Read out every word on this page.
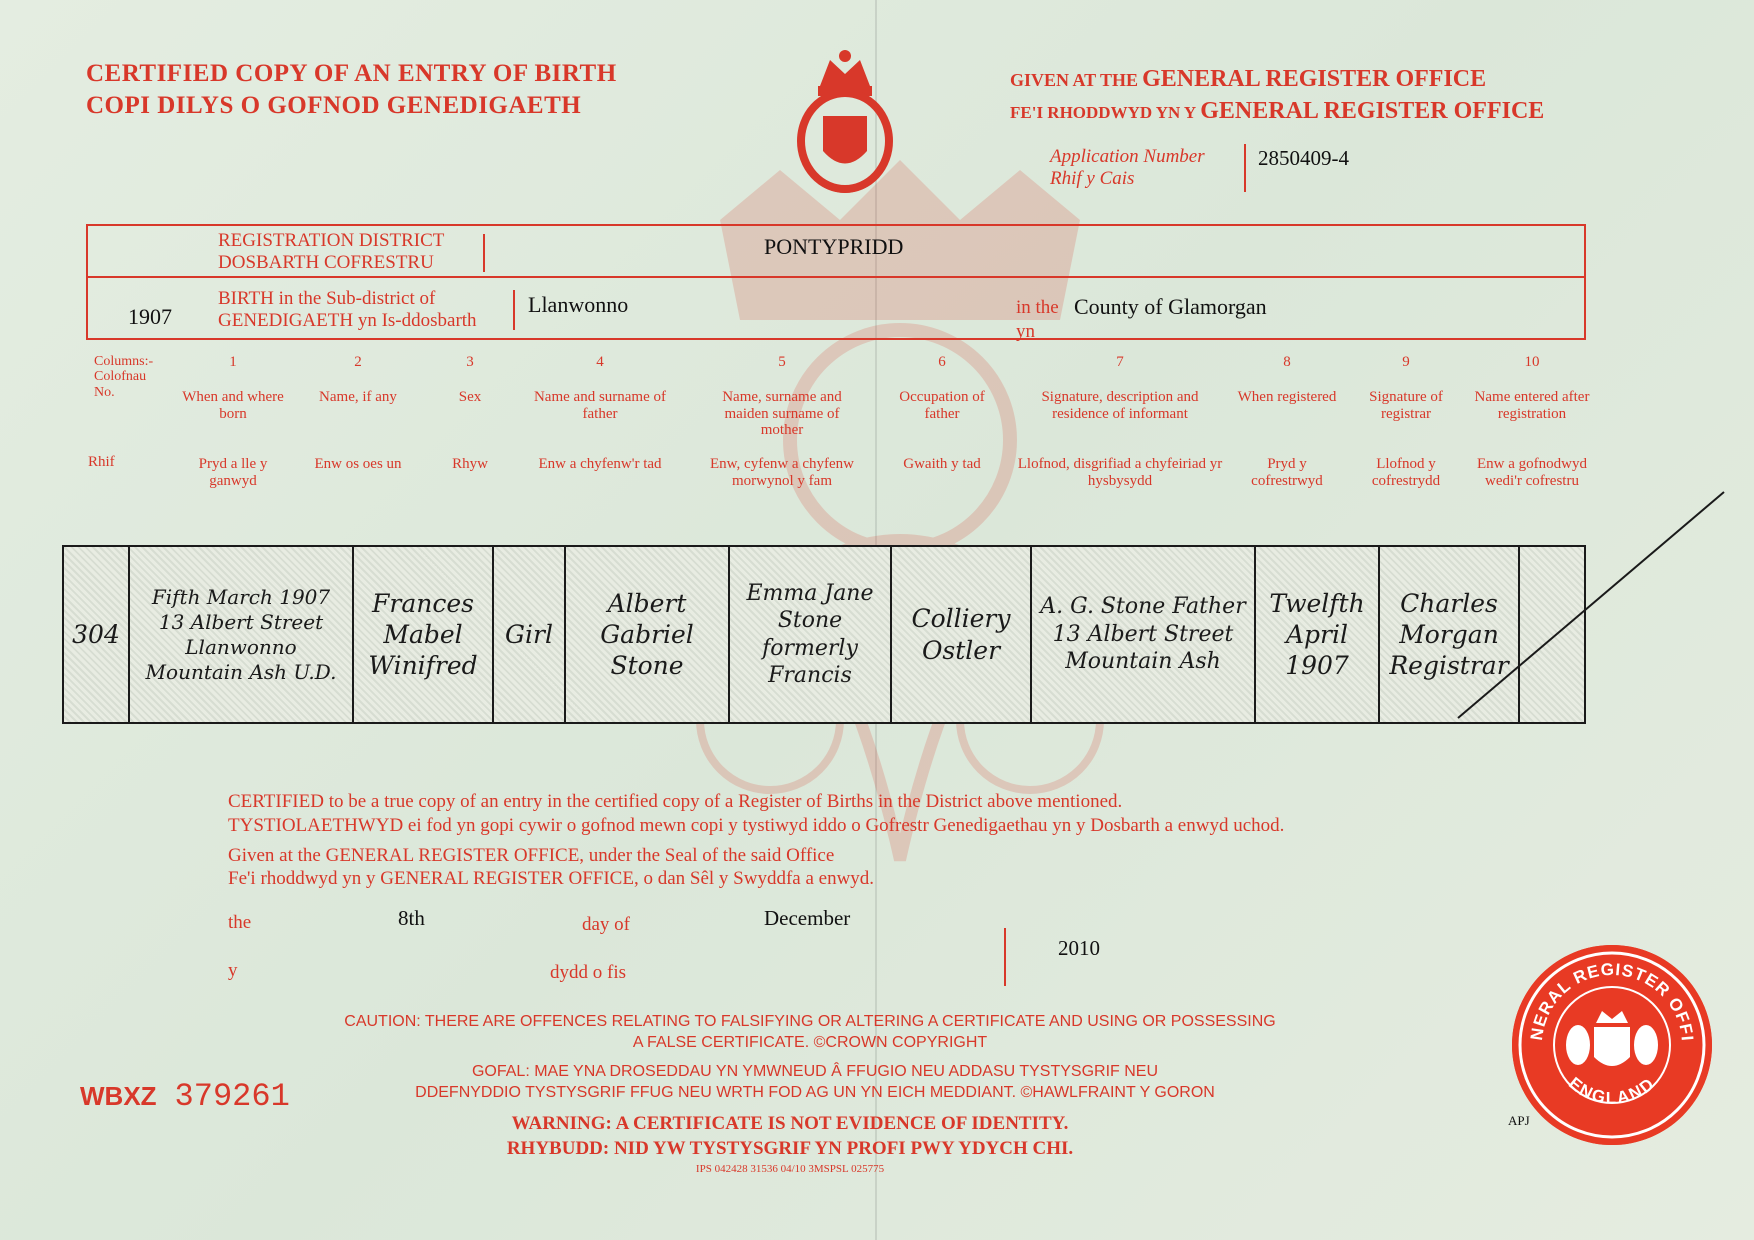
CERTIFIED COPY OF AN ENTRY OF BIRTH
COPI DILYS O GOFNOD GENEDIGAETH
GIVEN AT THE GENERAL REGISTER OFFICE
FE'I RHODDWYD YN Y GENERAL REGISTER OFFICE
Application Number
Rhif y Cais
2850409-4
REGISTRATION DISTRICT
DOSBARTH COFRESTRU
PONTYPRIDD
1907
BIRTH in the Sub-district of
GENEDIGAETH yn Is-ddosbarth
Llanwonno	in the
yn
County of Glamorgan
Columns:-
Colofnau
No.
Rhif
1
When and where born
Pryd a lle y ganwyd
2
Name, if any
Enw os oes un
3
Sex
Rhyw
4
Name and surname of father
Enw a chyfenw'r tad
5
Name, surname and maiden surname of mother
Enw, cyfenw a chyfenw morwynol y fam
6
Occupation of father
Gwaith y tad
7
Signature, description and residence of informant
Llofnod, disgrifiad a chyfeiriad yr hysbysydd
8
When registered
Pryd y cofrestrwyd
9
Signature of registrar
Llofnod y cofrestrydd
10
Name entered after registration
Enw a gofnodwyd wedi'r cofrestru
304
Fifth March 1907 13 Albert Street Llanwonno Mountain Ash U.D.
Frances Mabel Winifred
Girl
Albert Gabriel Stone
Emma Jane Stone formerly Francis
Colliery Ostler
A. G. Stone Father 13 Albert Street Mountain Ash
Twelfth April 1907
Charles Morgan Registrar
CERTIFIED to be a true copy of an entry in the certified copy of a Register of Births in the District above mentioned.
TYSTIOLAETHWYD ei fod yn gopi cywir o gofnod mewn copi y tystiwyd iddo o Gofrestr Genedigaethau yn y Dosbarth a enwyd uchod.
Given at the GENERAL REGISTER OFFICE, under the Seal of the said Office
Fe'i rhoddwyd yn y GENERAL REGISTER OFFICE, o dan Sêl y Swyddfa a enwyd.
the
y
8th	day of
dydd o fis
December
2010
CAUTION: THERE ARE OFFENCES RELATING TO FALSIFYING OR ALTERING A CERTIFICATE AND USING OR POSSESSING
A FALSE CERTIFICATE. ©CROWN COPYRIGHT
GOFAL: MAE YNA DROSEDDAU YN YMWNEUD Â FFUGIO NEU ADDASU TYSTYSGRIF NEU
DDEFNYDDIO TYSTYSGRIF FFUG NEU WRTH FOD AG UN YN EICH MEDDIANT. ©HAWLFRAINT Y GORON
WBXZ 379261
WARNING: A CERTIFICATE IS NOT EVIDENCE OF IDENTITY.
RHYBUDD: NID YW TYSTYSGRIF YN PROFI PWY YDYCH CHI.
IPS 042428 31536 04/10 3MSPSL 025775
NERAL REGISTER OFFI
ENGLAND
APJ
